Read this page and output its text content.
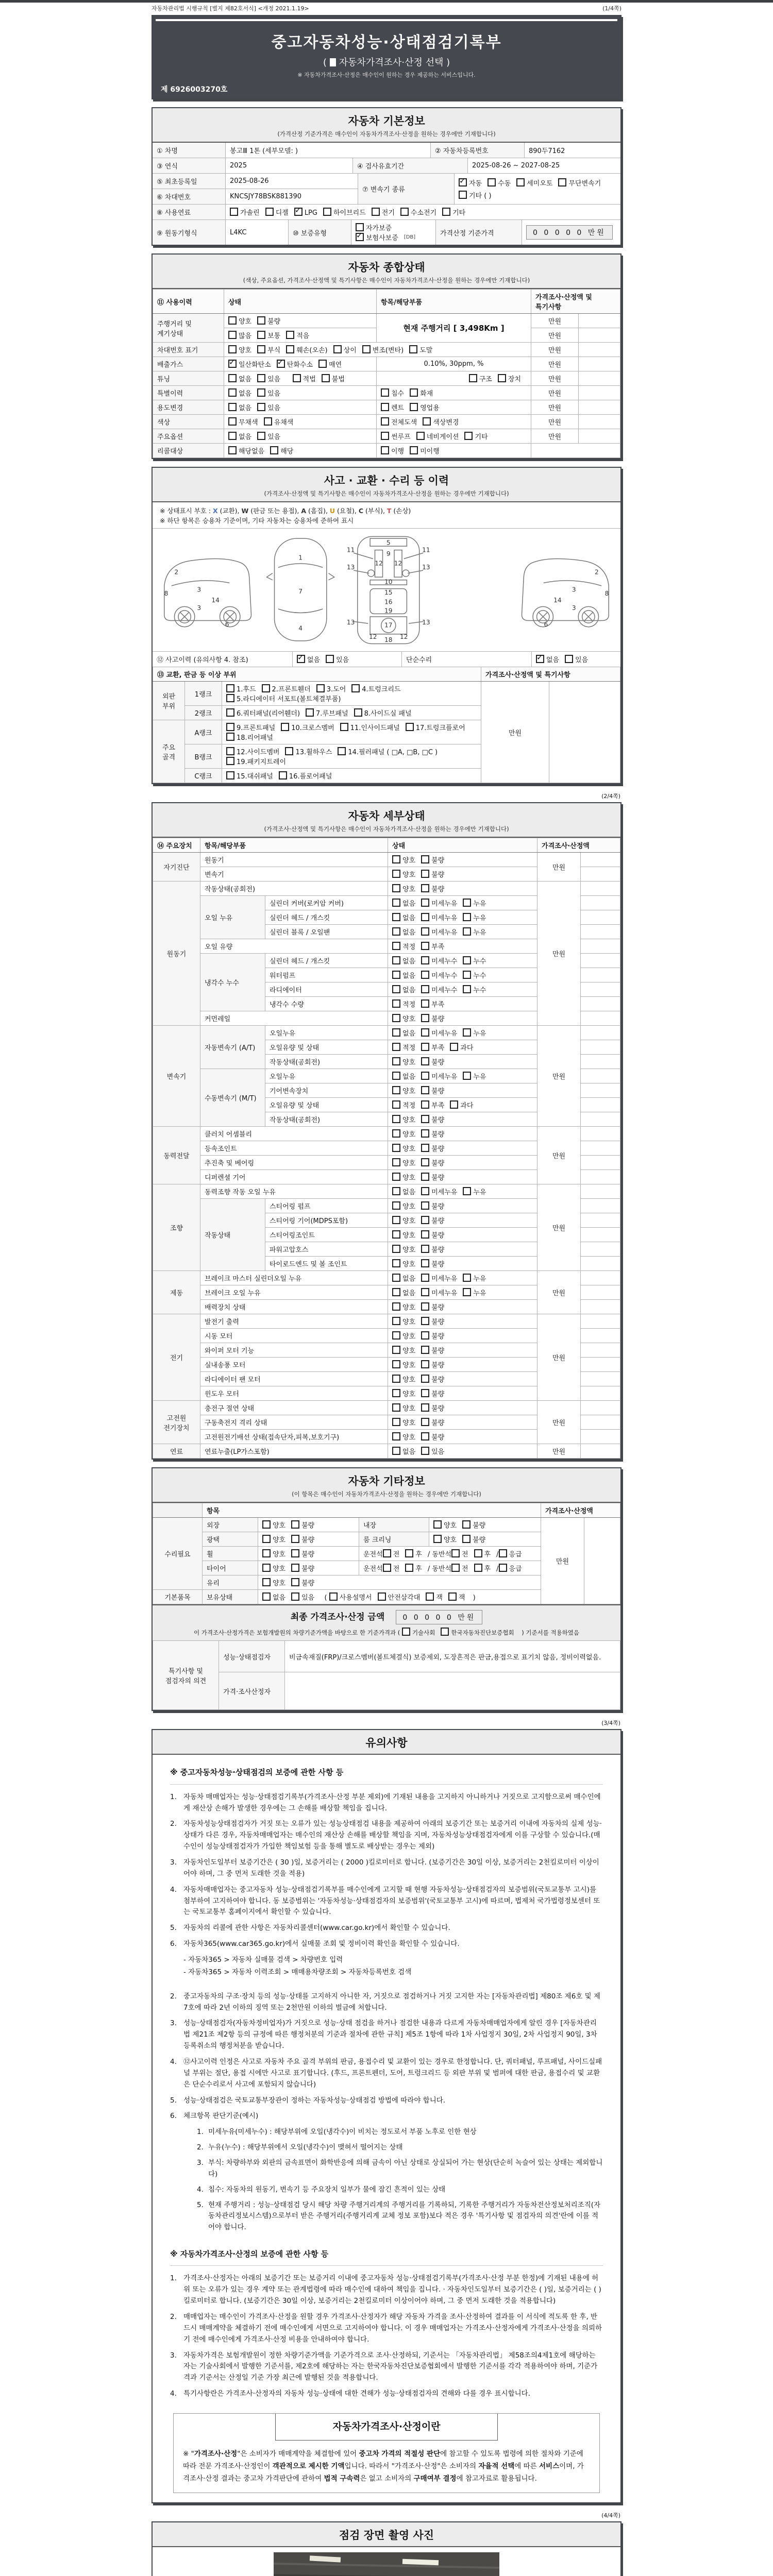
자동차관리법 시행규칙 [별지 제82호서식] <개정 2021.1.19>	(1/4쪽)
중고자동차성능·상태점검기록부
( 자동차가격조사·산정 선택 )
※ 자동차가격조사·산정은 매수인이 원하는 경우 제공하는 서비스입니다.
제 6926003270호
자동차 기본정보
(가격산정 기준가격은 매수인이 자동차가격조사·산정을 원하는 경우에만 기재합니다)
① 차명	봉고Ⅲ 1톤 (세부모델: )	② 자동차등록번호	890두7162
③ 연식	2025	④ 검사유효기간	2025-08-26 ~ 2027-08-25
⑤ 최초등록일	2025-08-26
⑥ 차대번호	KNCSJY78BSK881390
⑦ 변속기 종류
✓자동	수동	세미오토	무단변속기
기타 ( )
⑧ 사용연료	가솔린	디젤 ✓	LPG	하이브리드	전기	수소전기	기타
⑨ 원동기형식	L4KC	⑩ 보증유형
자가보증
✓보험사보증 [DB]	가격산정 기준가격	0 0 0 0 0 만원
자동차 종합상태
(색상, 주요옵션, 가격조사·산정액 및 특기사항은 매수인이 자동차가격조사·산정을 원하는 경우에만 기재합니다)
⑪ 사용이력	상태	항목/해당부품	가격조사·산정액 및 특기사항	
주행거리 및 계기상태	양호 불량	현재 주행거리 [ 3,498Km ]	만원	
	많음 보통 적음		만원	
차대번호 표기	양호 부식 훼손(오손) 상이 변조(변타) 도말		만원	
배출가스	✓일산화탄소 ✓ 탄화수소 매연	0.10%, 30ppm, %	만원	
튜닝	없음 있음 적법 불법	구조 장치	만원	
특별이력	없음 있음	침수 화재	만원	
용도변경	없음 있음	렌트 영업용	만원	
색상	무채색 유채색	전체도색 색상변경	만원	
주요옵션	없음 있음	썬루프 네비게이션 기타	만원	
리콜대상	해당없음 해당	이행 미이행		
사고 · 교환 · 수리 등 이력
(가격조사·산정액 및 특기사항은 매수인이 자동차가격조사·산정을 원하는 경우에만 기재합니다)
※ 상태표시 부호 : X (교환), W (판금 또는 용접), A (흠집), U (요철), C (부식), T (손상)
※ 하단 항목은 승용차 기준이며, 기타 자동차는 승용차에 준하여 표시
2
8
3
14
3
6
1
7
4
5
9
11	11
13	13
12 12
10
15
16
19
13	13
12	12
17
18
2
8
3
14
3
6
⑫ 사고이력 (유의사항 4. 참조) ✓	없음	있음	단순수리 ✓	없음	있음
⑬ 교환, 판금 등 이상 부위			가격조사·산정액 및 특기사항	
외판 부위	1랭크	1.후드 2.프론트휀더 3.도어 4.트렁크리드5.라디에이터 서포트(볼트체결부품)	만원	
	2랭크	6.쿼터패널(리어휀더) 7.루브패널 8.사이드실 패널		
주요 골격	A랭크	9.프론트패널 10.크로스멤버 11.인사이드패널 17.트렁크플로어18.리어패널		
	B랭크	12.사이드멤버 13.휠하우스 14.필러패널 ( □A, □B, □C )19.패키지트레이		
	C랭크	15.대쉬패널 16.플로어패널		
(2/4쪽)
자동차 세부상태
(가격조사·산정액 및 특기사항은 매수인이 자동차가격조사·산정을 원하는 경우에만 기재합니다)
⑭ 주요장치	항목/해당부품		상태	가격조사·산정액	
자기진단	원동기		양호 불량	만원	
	변속기		양호 불량		
원동기	작동상태(공회전)		양호 불량	만원	
	오일 누유	실린더 커버(로커암 커버)	없음 미세누유 누유		
		실린더 헤드 / 개스킷	없음 미세누유 누유		
		실린더 블록 / 오일팬	없음 미세누유 누유		
	오일 유량		적정 부족		
	냉각수 누수	실린더 헤드 / 개스킷	없음 미세누수 누수		
		워터펌프	없음 미세누수 누수		
		라디에이터	없음 미세누수 누수		
		냉각수 수량	적정 부족		
	커먼레일		양호 불량		
변속기	자동변속기 (A/T)	오일누유	없음 미세누유 누유	만원	
		오일유량 및 상태	적정 부족 과다		
		작동상태(공회전)	양호 불량		
	수동변속기 (M/T)	오일누유	없음 미세누유 누유		
		기어변속장치	양호 불량		
		오일유량 및 상태	적정 부족 과다		
		작동상태(공회전)	양호 불량		
동력전달	클러치 어셈블리		양호 불량	만원	
	등속조인트		양호 불량		
	추진축 및 베어링		양호 불량		
	디퍼렌셜 기어		양호 불량		
조향	동력조향 작동 오일 누유		없음 미세누유 누유	만원	
	작동상태	스티어링 펌프	양호 불량		
		스티어링 기어(MDPS포함)	양호 불량		
		스티어링조인트	양호 불량		
		파워고압호스	양호 불량		
		타이로드엔드 및 볼 조인트	양호 불량		
제동	브레이크 마스터 실린더오일 누유		없음 미세누유 누유	만원	
	브레이크 오일 누유		없음 미세누유 누유		
	배력장치 상태		양호 불량		
전기	발전기 출력		양호 불량	만원	
	시동 모터		양호 불량		
	와이퍼 모터 기능		양호 불량		
	실내송풍 모터		양호 불량		
	라디에이터 팬 모터		양호 불량		
	윈도우 모터		양호 불량		
고전원 전기장치	충전구 절연 상태		양호 불량	만원	
	구동축전지 격리 상태		양호 불량		
	고전원전기배선 상태(접속단자,피복,보호기구)		양호 불량		
연료	연료누출(LP가스포함)		없음 있음	만원	
자동차 기타정보
(이 항목은 매수인이 자동차가격조사·산정을 원하는 경우에만 기재합니다)
	항목				가격조사·산정액	
수리필요	외장	양호 불량	내장	양호 불량	만원	
	광택	양호 불량	룸 크리닝	양호 불량		
	휠	양호 불량	운전석 전 후 / 동반석 전 후 / 응급			
	타이어	양호 불량	운전석 전 후 / 동반석 전 후 / 응급			
	유리	양호 불량				
기본품목	보유상태	없음 있음  ( 사용설명서 안전삼각대 잭 잭 )				
최종 가격조사·산정 금액	0 0 0 0 0 만원
이 가격조사·산정가격은 보험개발원의 차량기준가액을 바탕으로 한 기준가격과 ( 기술사회	한국자동차진단보증협회 ) 기준서를 적용하였음
특기사항 및 점검자의 의견	성능·상태점검자	비금속재질(FRP)/크로스멤버(볼트체결식) 보증제외, 도장흔적은 판금,용접으로 표기치 않음, 정비이력없음.
	가격·조사산정자	
(3/4쪽)
유의사항
※ 중고자동차성능·상태점검의 보증에 관한 사항 등
1. 자동차 매매업자는 성능·상태점검기록부(가격조사·산정 부분 제외)에 기재된 내용을 고지하지 아니하거나 거짓으로 고지함으로써 매수인에게 재산상 손해가 발생한 경우에는 그 손해를 배상할 책임을 집니다.
2. 자동차성능상태점검자가 거짓 또는 오류가 있는 성능상태점검 내용을 제공하여 아래의 보증기간 또는 보증거리 이내에 자동차의 실제 성능·상태가 다른 경우, 자동차매매업자는 매수인의 재산상 손해를 배상할 책임을 지며, 자동차성능상태점검자에게 이를 구상할 수 있습니다.(매수인이 성능상태점검자가 가입한 책임보험 등을 통해 별도로 배상받는 경우는 제외)
3. 자동차인도일부터 보증기간은 ( 30 )일, 보증거리는 ( 2000 )킬로미터로 합니다. (보증기간은 30일 이상, 보증거리는 2천킬로미터 이상이어야 하며, 그 중 먼저 도래한 것을 적용)
4. 자동차매매업자는 중고자동차 성능·상태점검기록부를 매수인에게 고지할 때 현행 자동차성능·상태점검자의 보증범위(국토교통부 고시)를 첨부하여 고지하여야 합니다. 동 보증범위는 '자동차성능·상태점검자의 보증범위'(국토교통부 고시)에 따르며, 법제처 국가법령정보센터 또는 국토교통부 홈페이지에서 확인할 수 있습니다.
5. 자동차의 리콜에 관한 사항은 자동차리콜센터(www.car.go.kr)에서 확인할 수 있습니다.
6. 자동차365(www.car365.go.kr)에서 실매물 조회 및 정비이력 확인을 확인할 수 있습니다.
- 자동차365 > 자동차 실매물 검색 > 차량번호 입력
- 자동차365 > 자동차 이력조회 > 매매용차량조회 > 자동차등록번호 검색
2. 중고자동차의 구조·장치 등의 성능·상태를 고지하지 아니한 자, 거짓으로 점검하거나 거짓 고지한 자는 [자동차관리법] 제80조 제6호 및 제7호에 따라 2년 이하의 징역 또는 2천만원 이하의 벌금에 처합니다.
3. 성능·상태점검자(자동차정비업자)가 거짓으로 성능·상태 점검을 하거나 점검한 내용과 다르게 자동차매매업자에게 알린 경우 [자동차관리법 제21조 제2항 등의 규정에 따른 행정처분의 기준과 절차에 관한 규칙] 제5조 1항에 따라 1차 사업정지 30일, 2차 사업정지 90일, 3차 등록취소의 행정처분을 받습니다.
4. ⑫사고이력 인정은 사고로 자동차 주요 골격 부위의 판금, 용접수리 및 교환이 있는 경우로 한정합니다. 단, 쿼터패널, 루프패널, 사이드실패널 부위는 절단, 용접 시에만 사고로 표기합니다. (후드, 프론트펜더, 도어, 트렁크리드 등 외판 부위 및 범퍼에 대한 판금, 용접수리 및 교환은 단순수리로서 사고에 포함되지 않습니다)
5. 성능·상태점검은 국토교통부장관이 정하는 자동차성능·상태점검 방법에 따라야 합니다.
6. 체크항목 판단기준(예시)
1. 미세누유(미세누수) : 해당부위에 오일(냉각수)이 비치는 정도로서 부품 노후로 인한 현상
2. 누유(누수) : 해당부위에서 오일(냉각수)이 맺혀서 떨어지는 상태
3. 부식: 차량하부와 외판의 금속표면이 화학반응에 의해 금속이 아닌 상태로 상실되어 가는 현상(단순히 녹슬어 있는 상태는 제외합니다)
4. 침수: 자동차의 원동기, 변속기 등 주요장치 일부가 물에 잠긴 흔적이 있는 상태
5. 현재 주행거리 : 성능·상태점검 당시 해당 차량 주행거리계의 주행거리를 기록하되, 기록한 주행거리가 자동차전산정보처리조직(자동차관리정보시스템)으로부터 받은 주행거리(주행거리계 교체 정보 포함)보다 적은 경우 '특기사항 및 점검자의 의견'란에 이를 적어야 합니다.
※ 자동차가격조사·산정의 보증에 관한 사항 등
1. 가격조사·산정자는 아래의 보증기간 또는 보증거리 이내에 중고자동차 성능·상태점검기록부(가격조사·산정 부분 한정)에 기재된 내용에 허위 또는 오류가 있는 경우 계약 또는 관계법령에 따라 매수인에 대하여 책임을 집니다. · 자동차인도일부터 보증기간은 ( )일, 보증거리는 ( )킬로미터로 합니다. (보증기간은 30일 이상, 보증거리는 2천킬로미터 이상이어야 하며, 그 중 먼저 도래한 것을 적용합니다)
2. 매매업자는 매수인이 가격조사·산정을 원할 경우 가격조사·산정자가 해당 자동차 가격을 조사·산정하여 결과를 이 서식에 적도록 한 후, 반드시 매매계약을 체결하기 전에 매수인에게 서면으로 고지하여야 합니다. 이 경우 매매업자는 가격조사·산정자에게 가격조사·산정을 의뢰하기 전에 매수인에게 가격조사·산정 비용을 안내하여야 합니다.
3. 자동차가격은 보험개발원이 정한 차량기준가액을 기준가격으로 조사·산정하되, 기준서는 「자동차관리법」 제58조의4제1호에 해당하는 자는 기술사회에서 발행한 기준서를, 제2호에 해당하는 자는 한국자동차진단보증협회에서 발행한 기준서를 각각 적용하여야 하며, 기준가격과 기준서는 산정일 기준 가장 최근에 발행된 것을 적용합니다.
4. 특기사항란은 가격조사·산정자의 자동차 성능·상태에 대한 견해가 성능·상태점검자의 견해와 다를 경우 표시합니다.
자동차가격조사·산정이란
※ "가격조사·산정"은 소비자가 매매계약을 체결함에 있어 중고차 가격의 적절성 판단에 참고할 수 있도록 법령에 의한 절차와 기준에 따라 전문 가격조사·산정인이 객관적으로 제시한 기액입니다. 따라서 "가격조사·산정"은 소비자의 자율적 선택에 따른 서비스이며, 가격조사·산정 결과는 중고차 가격판단에 관하여 법적 구속력은 없고 소비자의 구매여부 결정에 참고자료로 활용됩니다.
(4/4쪽)
점검 장면 촬영 사진
